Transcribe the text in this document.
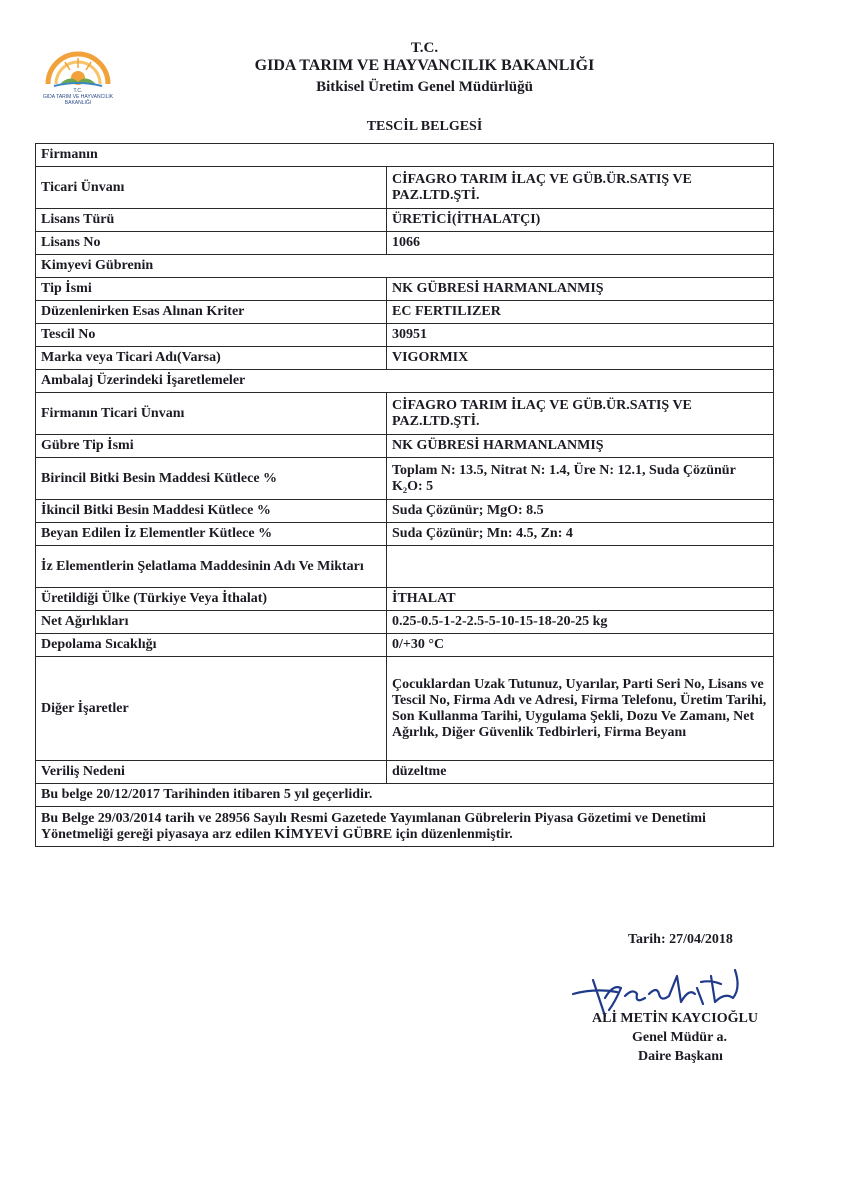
T.C.
GIDA TARIM VE HAYVANCILIK
BAKANLIĞI
T.C.
GIDA TARIM VE HAYVANCILIK BAKANLIĞI
Bitkisel Üretim Genel Müdürlüğü
TESCİL BELGESİ
Firmanın	
Ticari Ünvanı	CİFAGRO TARIM İLAÇ VE GÜB.ÜR.SATIŞ VE PAZ.LTD.ŞTİ.
Lisans Türü	ÜRETİCİ(İTHALATÇI)
Lisans No	1066
Kimyevi Gübrenin	
Tip İsmi	NK GÜBRESİ HARMANLANMIŞ
Düzenlenirken Esas Alınan Kriter	EC FERTILIZER
Tescil No	30951
Marka veya Ticari Adı(Varsa)	VIGORMIX
Ambalaj Üzerindeki İşaretlemeler	
Firmanın Ticari Ünvanı	CİFAGRO TARIM İLAÇ VE GÜB.ÜR.SATIŞ VE PAZ.LTD.ŞTİ.
Gübre Tip İsmi	NK GÜBRESİ HARMANLANMIŞ
Birincil Bitki Besin Maddesi Kütlece %	Toplam N: 13.5, Nitrat N: 1.4, Üre N: 12.1, Suda Çözünür K₂O: 5
İkincil Bitki Besin Maddesi Kütlece %	Suda Çözünür; MgO: 8.5
Beyan Edilen İz Elementler Kütlece %	Suda Çözünür; Mn: 4.5, Zn: 4
İz Elementlerin Şelatlama Maddesinin Adı Ve Miktarı	
Üretildiği Ülke (Türkiye Veya İthalat)	İTHALAT
Net Ağırlıkları	0.25-0.5-1-2-2.5-5-10-15-18-20-25 kg
Depolama Sıcaklığı	0/+30 °C
Diğer İşaretler	Çocuklardan Uzak Tutunuz, Uyarılar, Parti Seri No, Lisans ve Tescil No, Firma Adı ve Adresi, Firma Telefonu, Üretim Tarihi, Son Kullanma Tarihi, Uygulama Şekli, Dozu Ve Zamanı, Net Ağırlık, Diğer Güvenlik Tedbirleri, Firma Beyanı
Veriliş Nedeni	düzeltme
Bu belge 20/12/2017 Tarihinden itibaren 5 yıl geçerlidir.	
Bu Belge 29/03/2014 tarih ve 28956 Sayılı Resmi Gazetede Yayımlanan Gübrelerin Piyasa Gözetimi ve Denetimi Yönetmeliği gereği piyasaya arz edilen KİMYEVİ GÜBRE için düzenlenmiştir.	
Tarih: 27/04/2018
ALİ METİN KAYCIOĞLU
Genel Müdür a.
Daire Başkanı
